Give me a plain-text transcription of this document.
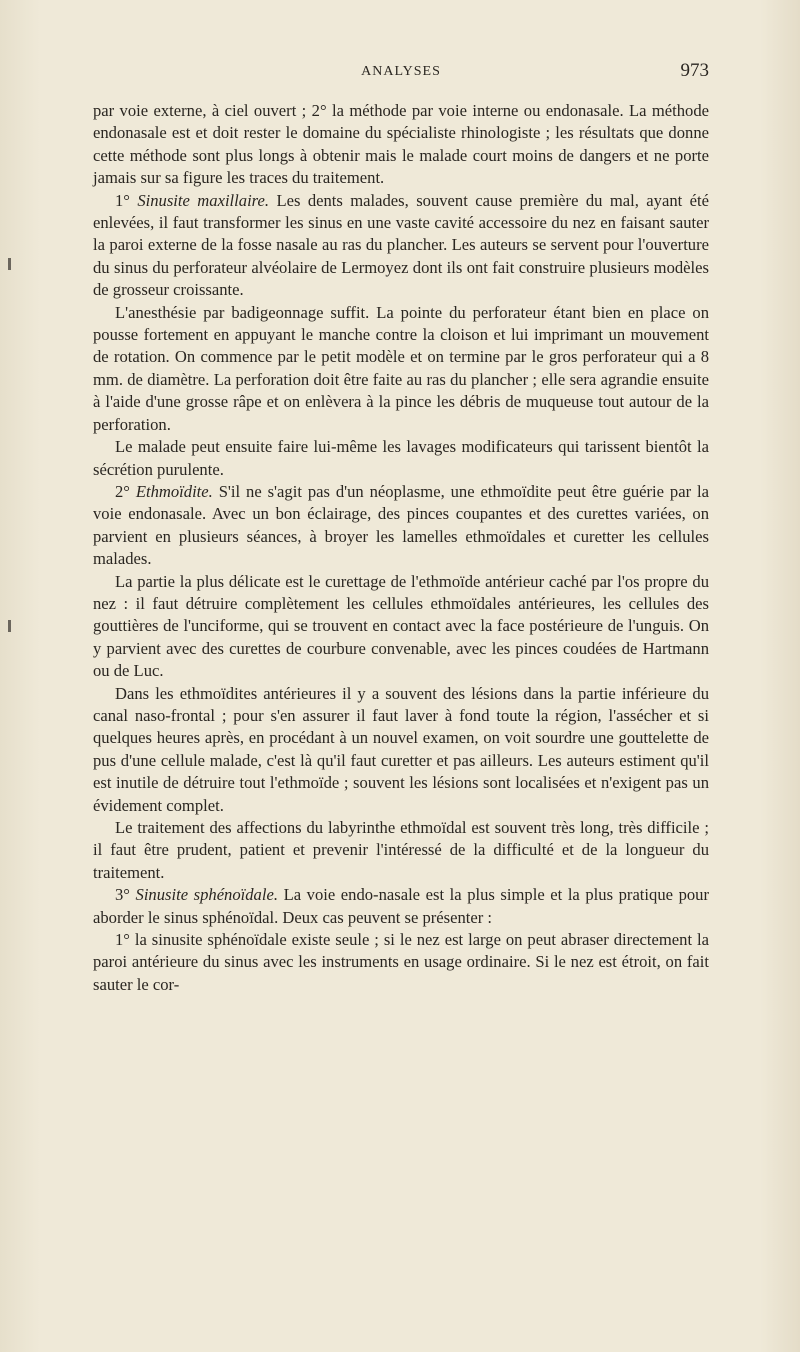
ANALYSES	973

par voie externe, à ciel ouvert ; 2° la méthode par voie interne ou endonasale. La méthode endonasale est et doit rester le domaine du spécialiste rhinologiste ; les résultats que donne cette méthode sont plus longs à obtenir mais le malade court moins de dangers et ne porte jamais sur sa figure les traces du traitement.

1° Sinusite maxillaire. Les dents malades, souvent cause première du mal, ayant été enlevées, il faut transformer les sinus en une vaste cavité accessoire du nez en faisant sauter la paroi externe de la fosse nasale au ras du plancher. Les auteurs se servent pour l'ouverture du sinus du perforateur alvéolaire de Lermoyez dont ils ont fait construire plusieurs modèles de grosseur croissante.

L'anesthésie par badigeonnage suffit. La pointe du perforateur étant bien en place on pousse fortement en appuyant le manche contre la cloison et lui imprimant un mouvement de rotation. On commence par le petit modèle et on termine par le gros perforateur qui a 8 mm. de diamètre. La perforation doit être faite au ras du plancher ; elle sera agrandie ensuite à l'aide d'une grosse râpe et on enlèvera à la pince les débris de muqueuse tout autour de la perforation.

Le malade peut ensuite faire lui-même les lavages modificateurs qui tarissent bientôt la sécrétion purulente.

2° Ethmoïdite. S'il ne s'agit pas d'un néoplasme, une ethmoïdite peut être guérie par la voie endonasale. Avec un bon éclairage, des pinces coupantes et des curettes variées, on parvient en plusieurs séances, à broyer les lamelles ethmoïdales et curetter les cellules malades.

La partie la plus délicate est le curettage de l'ethmoïde antérieur caché par l'os propre du nez : il faut détruire complètement les cellules ethmoïdales antérieures, les cellules des gouttières de l'unciforme, qui se trouvent en contact avec la face postérieure de l'unguis. On y parvient avec des curettes de courbure convenable, avec les pinces coudées de Hartmann ou de Luc.

Dans les ethmoïdites antérieures il y a souvent des lésions dans la partie inférieure du canal naso-frontal ; pour s'en assurer il faut laver à fond toute la région, l'assécher et si quelques heures après, en procédant à un nouvel examen, on voit sourdre une gouttelette de pus d'une cellule malade, c'est là qu'il faut curetter et pas ailleurs. Les auteurs estiment qu'il est inutile de détruire tout l'ethmoïde ; souvent les lésions sont localisées et n'exigent pas un évidement complet.

Le traitement des affections du labyrinthe ethmoïdal est souvent très long, très difficile ; il faut être prudent, patient et prevenir l'intéressé de la difficulté et de la longueur du traitement.

3° Sinusite sphénoïdale. La voie endo-nasale est la plus simple et la plus pratique pour aborder le sinus sphénoïdal. Deux cas peuvent se présenter :

1° la sinusite sphénoïdale existe seule ; si le nez est large on peut abraser directement la paroi antérieure du sinus avec les instruments en usage ordinaire. Si le nez est étroit, on fait sauter le cor-
